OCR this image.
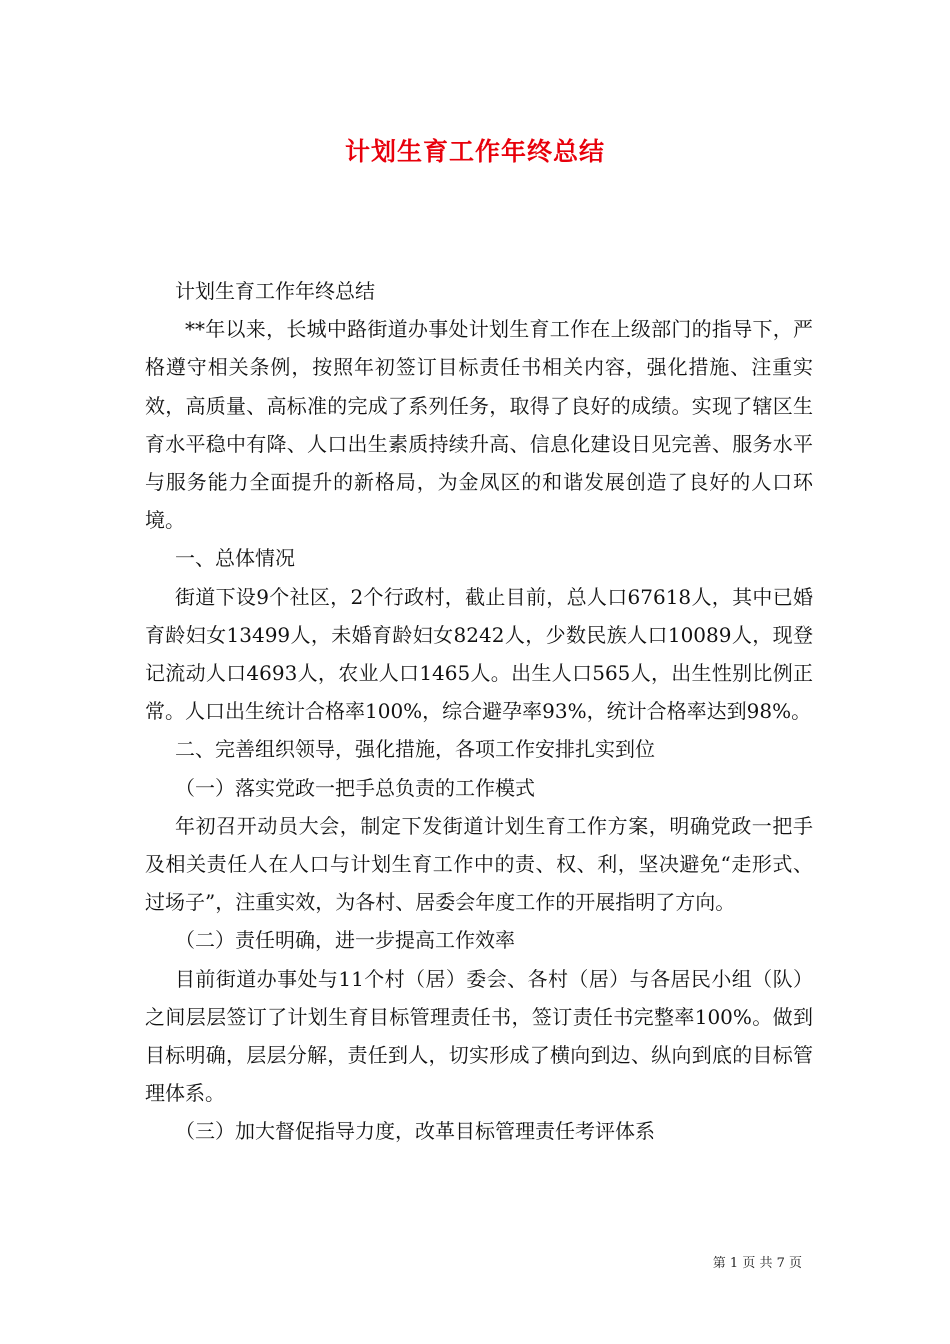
计划生育工作年终总结

计划生育工作年终总结

**年以来，长城中路街道办事处计划生育工作在上级部门的指导下，严格遵守相关条例，按照年初签订目标责任书相关内容，强化措施、注重实效，高质量、高标准的完成了系列任务，取得了良好的成绩。实现了辖区生育水平稳中有降、人口出生素质持续升高、信息化建设日见完善、服务水平与服务能力全面提升的新格局，为金凤区的和谐发展创造了良好的人口环境。

一、总体情况

街道下设9个社区，2个行政村，截止目前，总人口67618人，其中已婚育龄妇女13499人，未婚育龄妇女8242人，少数民族人口10089人，现登记流动人口4693人，农业人口1465人。出生人口565人，出生性别比例正常。人口出生统计合格率100%，综合避孕率93%，统计合格率达到98%。

二、完善组织领导，强化措施，各项工作安排扎实到位

（一）落实党政一把手总负责的工作模式

年初召开动员大会，制定下发街道计划生育工作方案，明确党政一把手及相关责任人在人口与计划生育工作中的责、权、利，坚决避免“走形式、过场子”，注重实效，为各村、居委会年度工作的开展指明了方向。

（二）责任明确，进一步提高工作效率

目前街道办事处与11个村（居）委会、各村（居）与各居民小组（队）之间层层签订了计划生育目标管理责任书，签订责任书完整率100%。做到目标明确，层层分解，责任到人，切实形成了横向到边、纵向到底的目标管理体系。

（三）加大督促指导力度，改革目标管理责任考评体系

第 1 页 共 7 页
